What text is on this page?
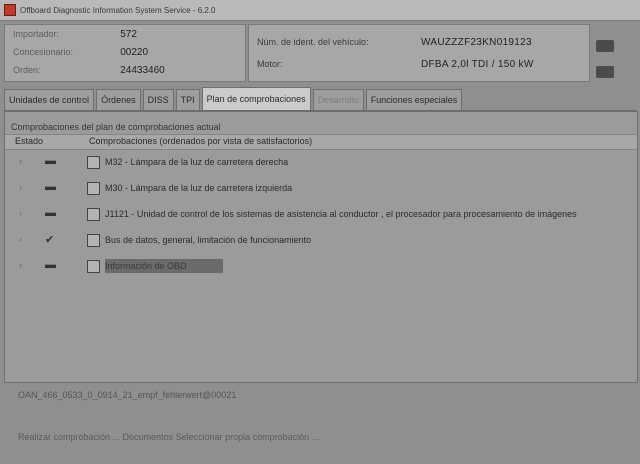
Offboard Diagnostic Information System Service - 6.2.0
Importador:	572
Concesionario:	00220
Orden:	24433460
Núm. de ident. del vehículo:	WAUZZZF23KN019123
Motor:	DFBA 2,0l TDI / 150 kW
Unidades de control	Órdenes	DISS	TPI	Plan de comprobaciones	Desarrollo	Funciones especiales
Comprobaciones del plan de comprobaciones actual
Estado	Comprobaciones (ordenados por vista de satisfactorios)
› ▬	M32 - Lámpara de la luz de carretera derecha
› ▬	M30 - Lámpara de la luz de carretera izquierda
› ▬	J1121 - Unidad de control de los sistemas de asistencia al conductor , el procesador para procesamiento de imágenes
› ✔	Bus de datos, general, limitación de funcionamiento
› ▬	Información de OBD
OAN_466_0533_0_0914_21_empf_fehlerwert@00021
Realizar comprobación ... Documentos Seleccionar propia comprobación ...
